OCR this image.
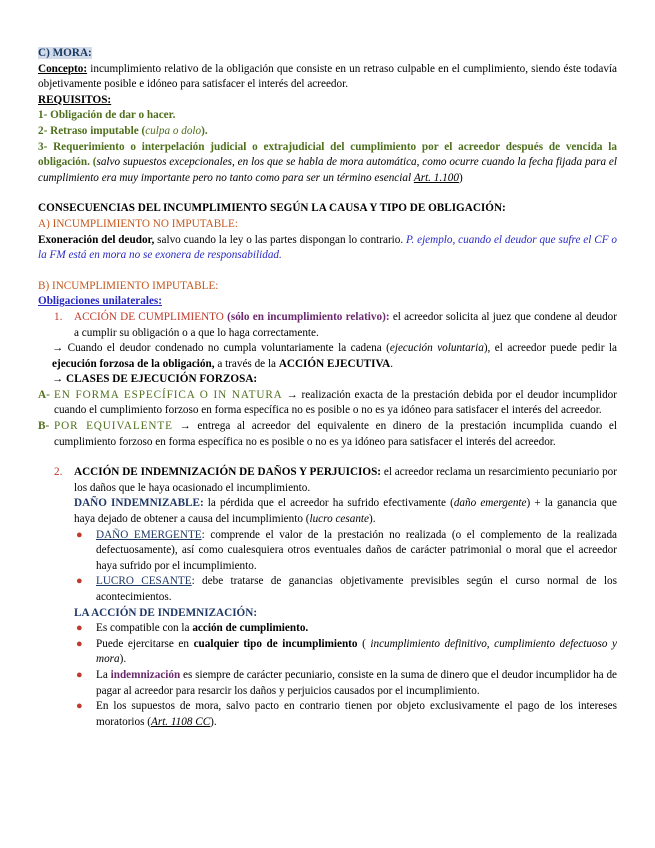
C) MORA:

Concepto: incumplimiento relativo de la obligación que consiste en un retraso culpable en el cumplimiento, siendo éste todavía objetivamente posible e idóneo para satisfacer el interés del acreedor.

REQUISITOS:

1- Obligación de dar o hacer.

2- Retraso imputable (culpa o dolo).

3- Requerimiento o interpelación judicial o extrajudicial del cumplimiento por el acreedor después de vencida la obligación. (salvo supuestos excepcionales, en los que se habla de mora automática, como ocurre cuando la fecha fijada para el cumplimiento era muy importante pero no tanto como para ser un término esencial Art. 1.100)

CONSECUENCIAS DEL INCUMPLIMIENTO SEGÚN LA CAUSA Y TIPO DE OBLIGACIÓN:

A) INCUMPLIMIENTO NO IMPUTABLE:

Exoneración del deudor, salvo cuando la ley o las partes dispongan lo contrario. P. ejemplo, cuando el deudor que sufre el CF o la FM está en mora no se exonera de responsabilidad.

B) INCUMPLIMIENTO IMPUTABLE:

Obligaciones unilaterales:

1. ACCIÓN DE CUMPLIMIENTO (sólo en incumplimiento relativo): el acreedor solicita al juez que condene al deudor a cumplir su obligación o a que lo haga correctamente.

→ Cuando el deudor condenado no cumpla voluntariamente la cadena (ejecución voluntaria), el acreedor puede pedir la ejecución forzosa de la obligación, a través de la ACCIÓN EJECUTIVA.

→ CLASES DE EJECUCIÓN FORZOSA:

A- EN FORMA ESPECÍFICA O IN NATURA → realización exacta de la prestación debida por el deudor incumplidor cuando el cumplimiento forzoso en forma específica no es posible o no es ya idóneo para satisfacer el interés del acreedor.

B- POR EQUIVALENTE → entrega al acreedor del equivalente en dinero de la prestación incumplida cuando el cumplimiento forzoso en forma específica no es posible o no es ya idóneo para satisfacer el interés del acreedor.

2. ACCIÓN DE INDEMNIZACIÓN DE DAÑOS Y PERJUICIOS: el acreedor reclama un resarcimiento pecuniario por los daños que le haya ocasionado el incumplimiento.

DAÑO INDEMNIZABLE: la pérdida que el acreedor ha sufrido efectivamente (daño emergente) + la ganancia que haya dejado de obtener a causa del incumplimiento (lucro cesante).

● DAÑO EMERGENTE: comprende el valor de la prestación no realizada (o el complemento de la realizada defectuosamente), así como cualesquiera otros eventuales daños de carácter patrimonial o moral que el acreedor haya sufrido por el incumplimiento.

● LUCRO CESANTE: debe tratarse de ganancias objetivamente previsibles según el curso normal de los acontecimientos.

LA ACCIÓN DE INDEMNIZACIÓN:

● Es compatible con la acción de cumplimiento.

● Puede ejercitarse en cualquier tipo de incumplimiento ( incumplimiento definitivo, cumplimiento defectuoso y mora).

● La indemnización es siempre de carácter pecuniario, consiste en la suma de dinero que el deudor incumplidor ha de pagar al acreedor para resarcir los daños y perjuicios causados por el incumplimiento.

● En los supuestos de mora, salvo pacto en contrario tienen por objeto exclusivamente el pago de los intereses moratorios (Art. 1108 CC).
